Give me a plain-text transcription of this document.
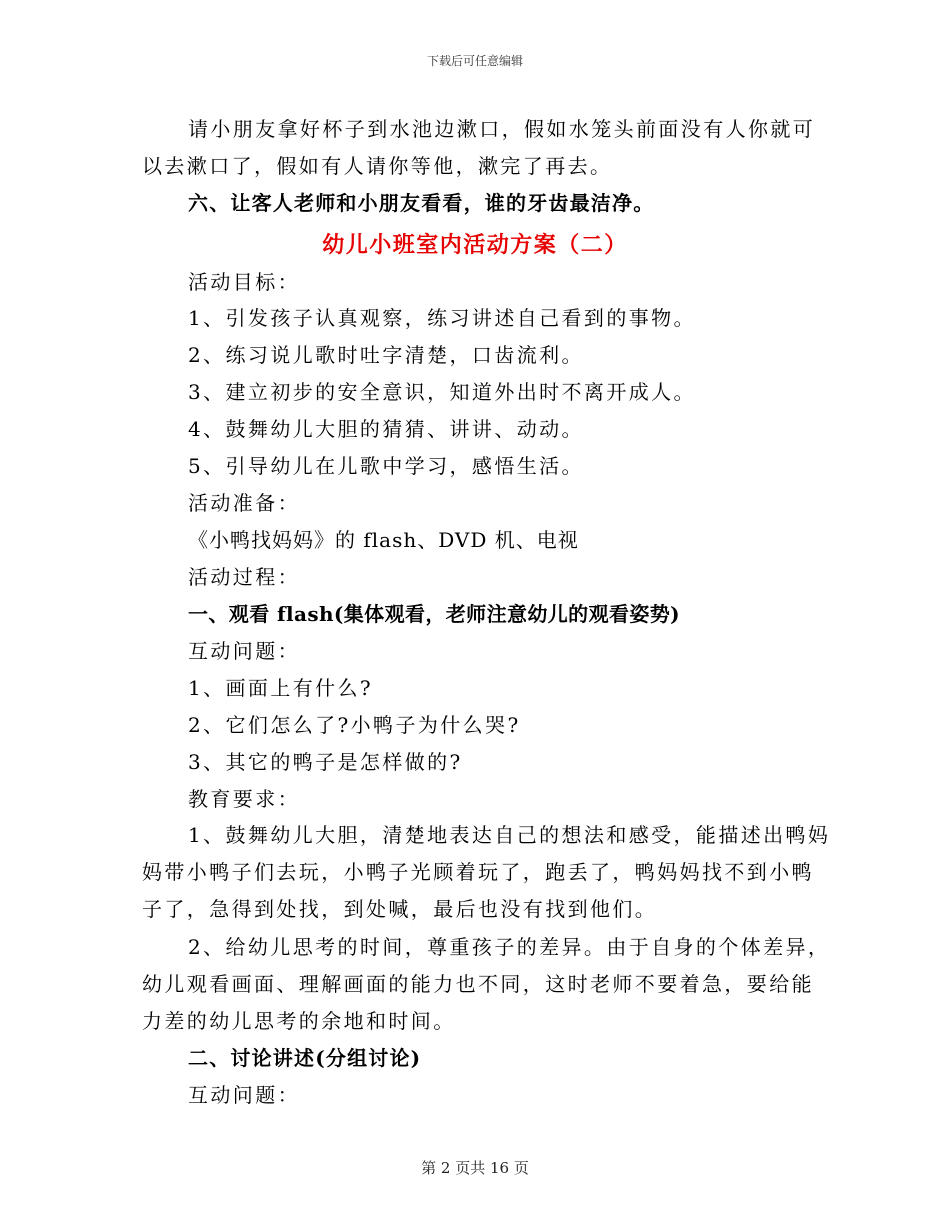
下载后可任意编辑
请小朋友拿好杯子到水池边漱口，假如水笼头前面没有人你就可
以去漱口了，假如有人请你等他，漱完了再去。
六、让客人老师和小朋友看看，谁的牙齿最洁净。
幼儿小班室内活动方案（二）
活动目标：
1、引发孩子认真观察，练习讲述自己看到的事物。
2、练习说儿歌时吐字清楚，口齿流利。
3、建立初步的安全意识，知道外出时不离开成人。
4、鼓舞幼儿大胆的猜猜、讲讲、动动。
5、引导幼儿在儿歌中学习，感悟生活。
活动准备：
《小鸭找妈妈》的 flash、DVD 机、电视
活动过程：
一、观看 flash(集体观看，老师注意幼儿的观看姿势)
互动问题：
1、画面上有什么?
2、它们怎么了?小鸭子为什么哭?
3、其它的鸭子是怎样做的?
教育要求：
1、鼓舞幼儿大胆，清楚地表达自己的想法和感受，能描述出鸭妈
妈带小鸭子们去玩，小鸭子光顾着玩了，跑丢了，鸭妈妈找不到小鸭
子了，急得到处找，到处喊，最后也没有找到他们。
2、给幼儿思考的时间，尊重孩子的差异。由于自身的个体差异，
幼儿观看画面、理解画面的能力也不同，这时老师不要着急，要给能
力差的幼儿思考的余地和时间。
二、讨论讲述(分组讨论)
互动问题：
第 2 页共 16 页
